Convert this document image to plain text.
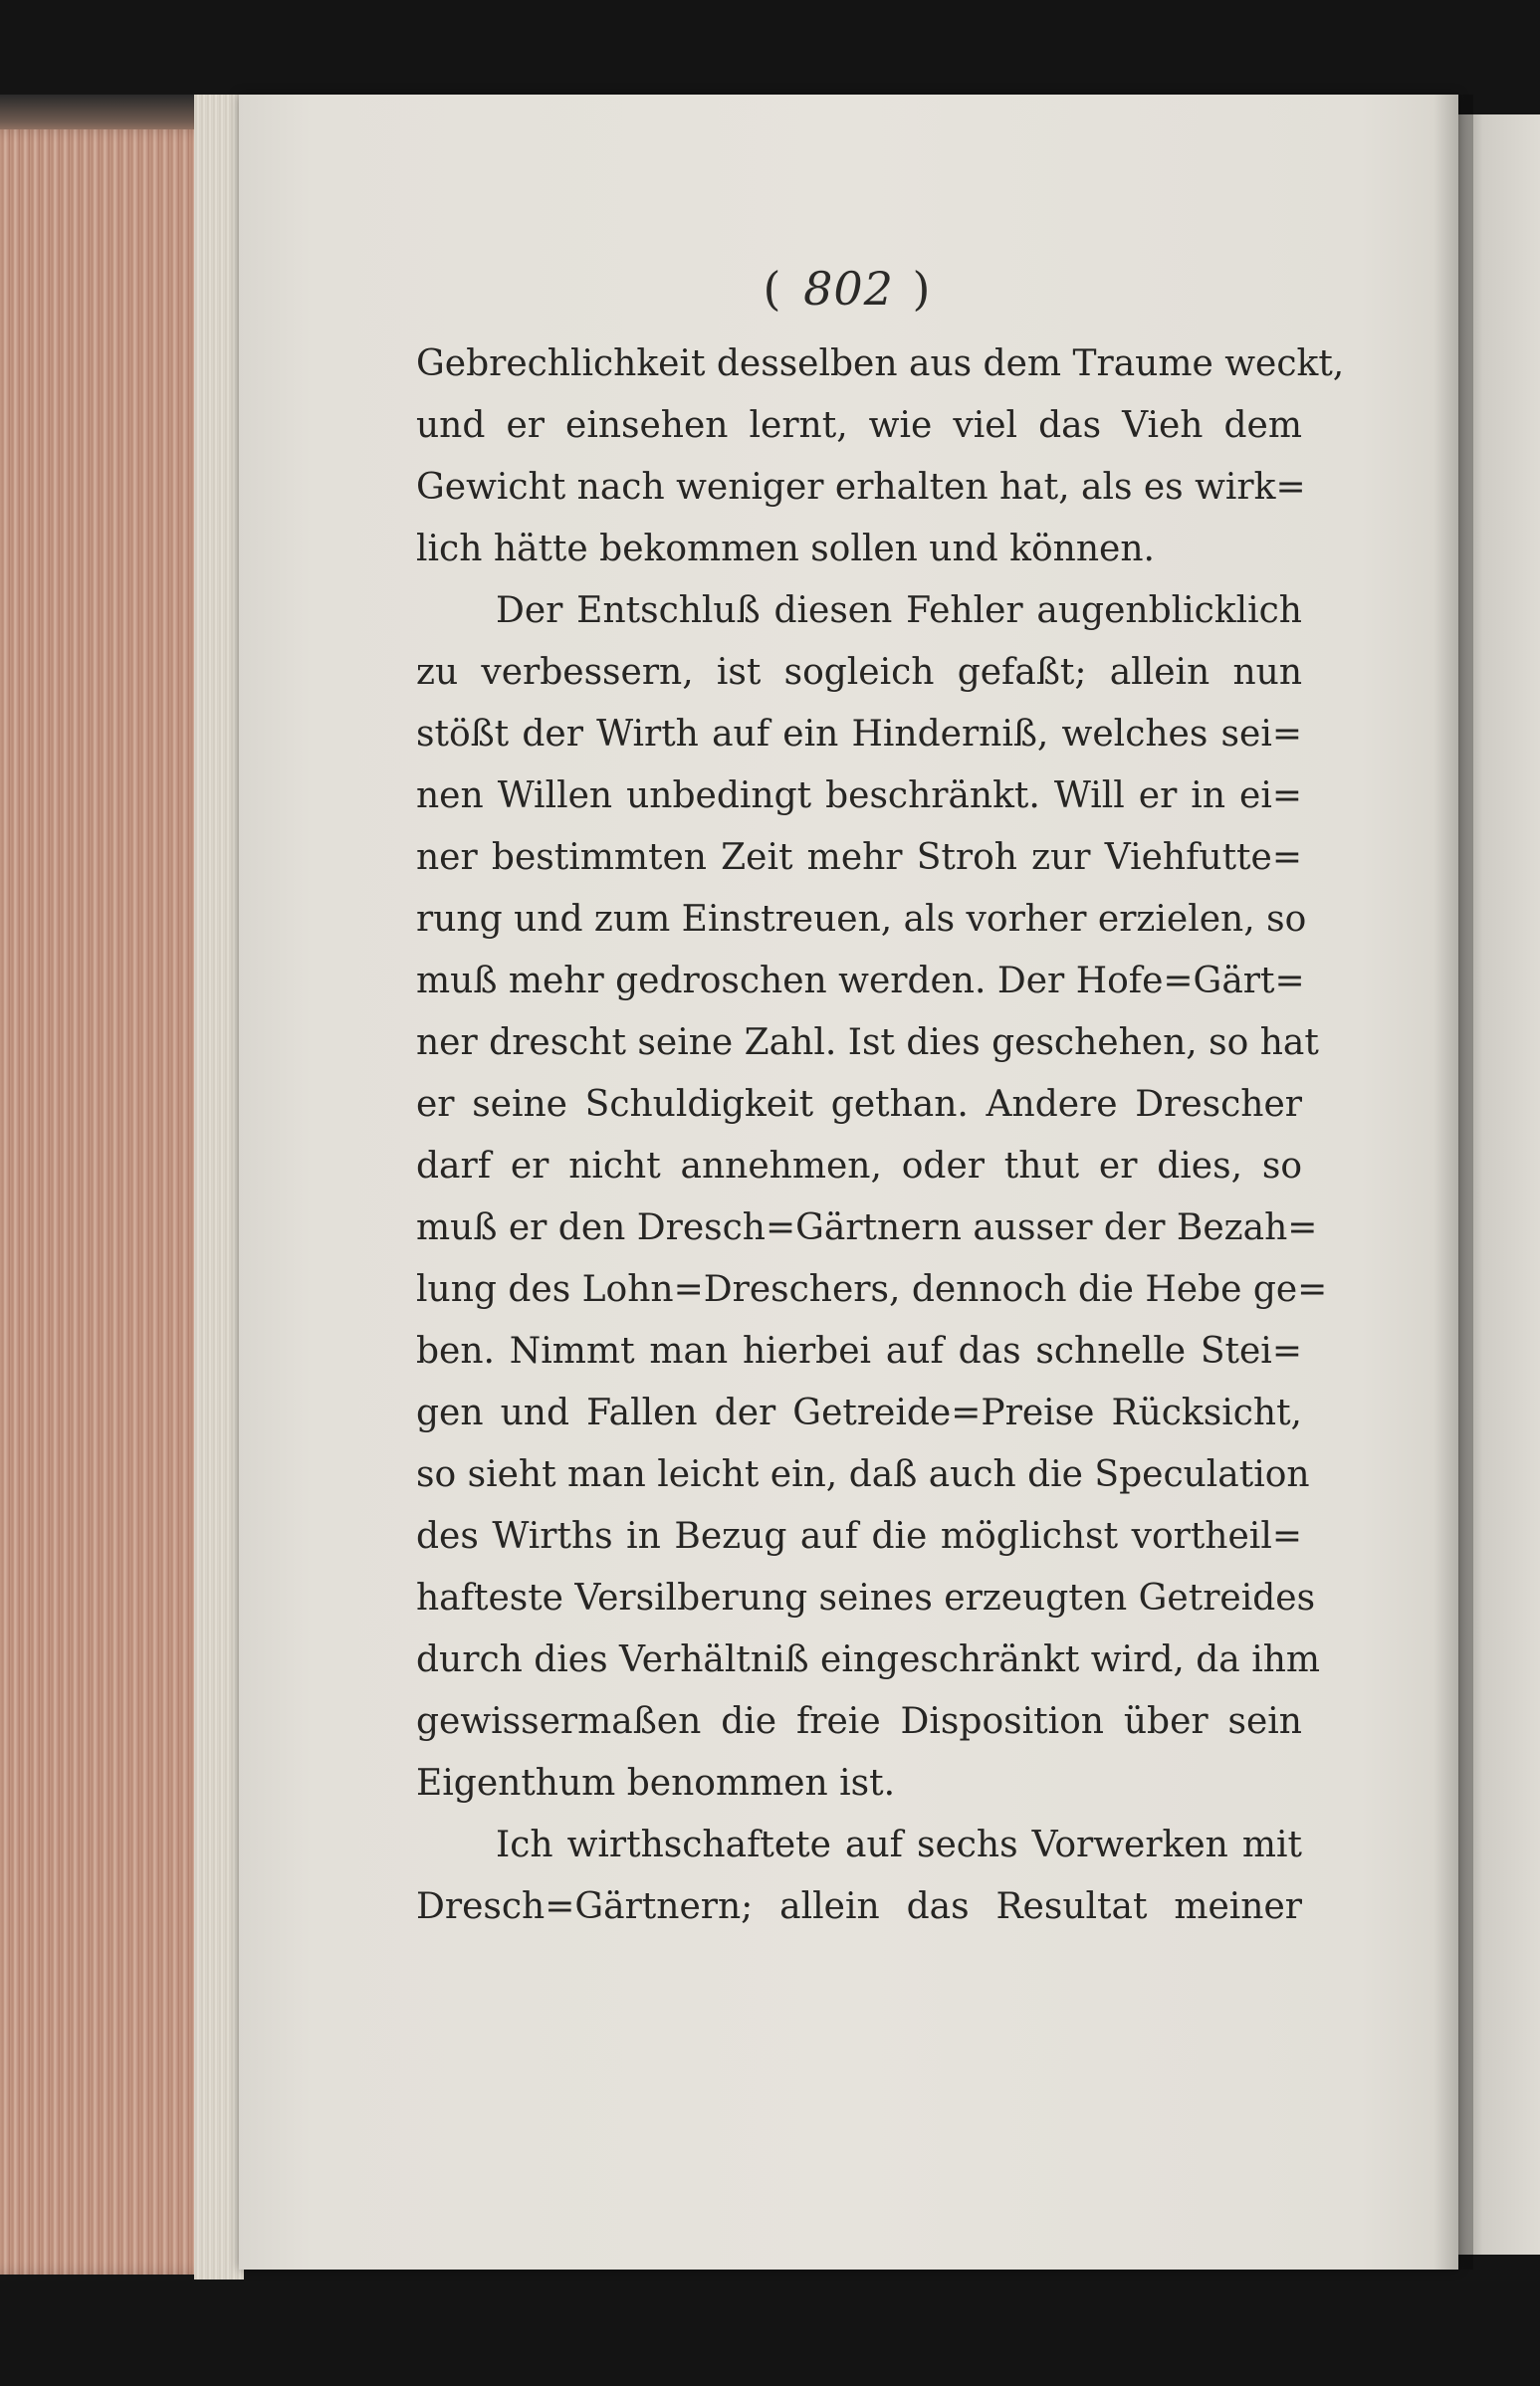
( 802 )
Gebrechlichkeit desselben aus dem Traume weckt,
und er einsehen lernt, wie viel das Vieh dem
Gewicht nach weniger erhalten hat, als es wirk=
lich hätte bekommen sollen und können.
Der Entschluß diesen Fehler augenblicklich
zu verbessern, ist sogleich gefaßt; allein nun
stößt der Wirth auf ein Hinderniß, welches sei=
nen Willen unbedingt beschränkt. Will er in ei=
ner bestimmten Zeit mehr Stroh zur Viehfutte=
rung und zum Einstreuen, als vorher erzielen, so
muß mehr gedroschen werden. Der Hofe=Gärt=
ner drescht seine Zahl. Ist dies geschehen, so hat
er seine Schuldigkeit gethan. Andere Drescher
darf er nicht annehmen, oder thut er dies, so
muß er den Dresch=Gärtnern ausser der Bezah=
lung des Lohn=Dreschers, dennoch die Hebe ge=
ben. Nimmt man hierbei auf das schnelle Stei=
gen und Fallen der Getreide=Preise Rücksicht,
so sieht man leicht ein, daß auch die Speculation
des Wirths in Bezug auf die möglichst vortheil=
hafteste Versilberung seines erzeugten Getreides
durch dies Verhältniß eingeschränkt wird, da ihm
gewissermaßen die freie Disposition über sein
Eigenthum benommen ist.
Ich wirthschaftete auf sechs Vorwerken mit
Dresch=Gärtnern; allein das Resultat meiner
